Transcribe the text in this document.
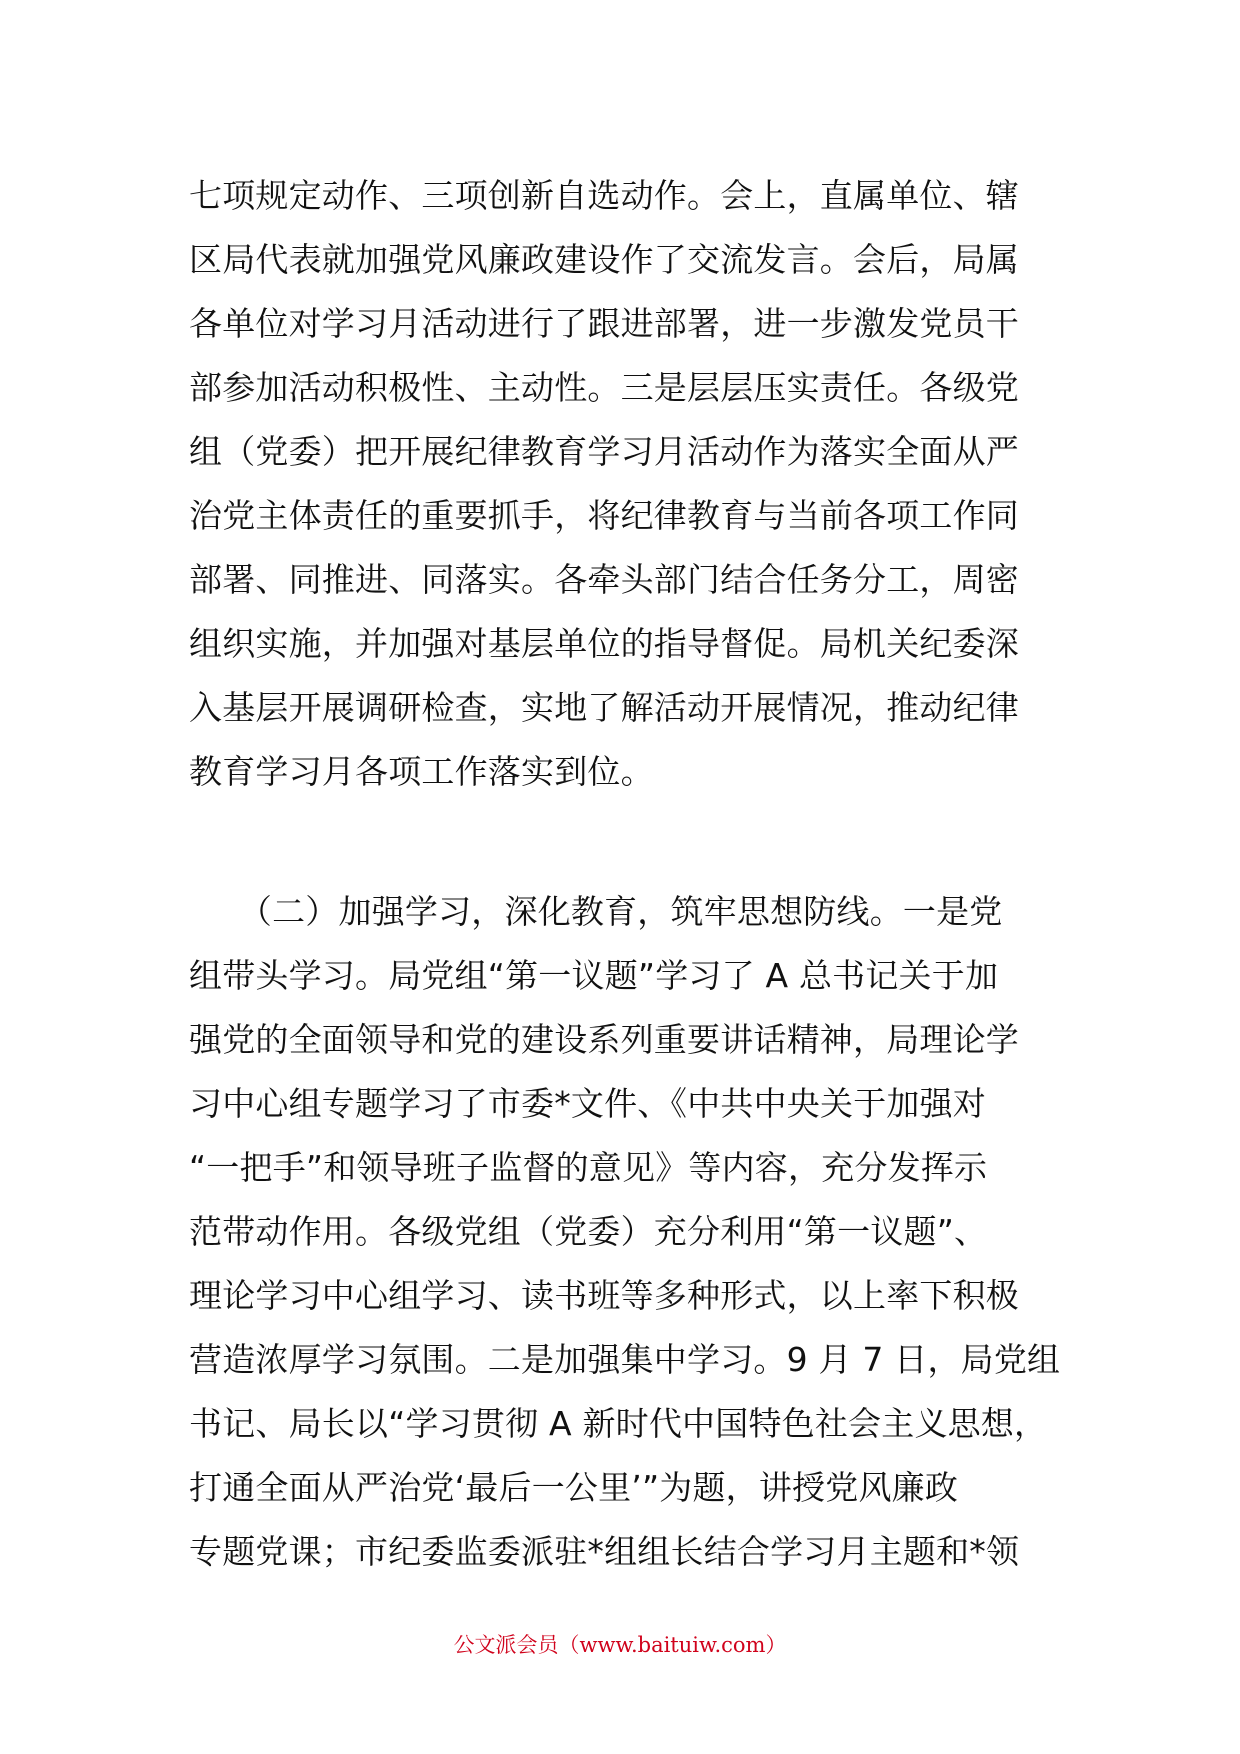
七项规定动作、三项创新自选动作。会上，直属单位、辖
区局代表就加强党风廉政建设作了交流发言。会后，局属
各单位对学习月活动进行了跟进部署，进一步激发党员干
部参加活动积极性、主动性。三是层层压实责任。各级党
组（党委）把开展纪律教育学习月活动作为落实全面从严
治党主体责任的重要抓手，将纪律教育与当前各项工作同
部署、同推进、同落实。各牵头部门结合任务分工，周密
组织实施，并加强对基层单位的指导督促。局机关纪委深
入基层开展调研检查，实地了解活动开展情况，推动纪律
教育学习月各项工作落实到位。
　　（二）加强学习，深化教育，筑牢思想防线。一是党
组带头学习。局党组“第一议题”学习了 A 总书记关于加
强党的全面领导和党的建设系列重要讲话精神，局理论学
习中心组专题学习了市委*文件、《中共中央关于加强对
“一把手”和领导班子监督的意见》等内容，充分发挥示
范带动作用。各级党组（党委）充分利用“第一议题”、
理论学习中心组学习、读书班等多种形式，以上率下积极
营造浓厚学习氛围。二是加强集中学习。9 月 7 日，局党组
书记、局长以“学习贯彻 A 新时代中国特色社会主义思想，
打通全面从严治党‘最后一公里’”为题，讲授党风廉政
专题党课；市纪委监委派驻*组组长结合学习月主题和*领
公文派会员（www.baituiw.com）
